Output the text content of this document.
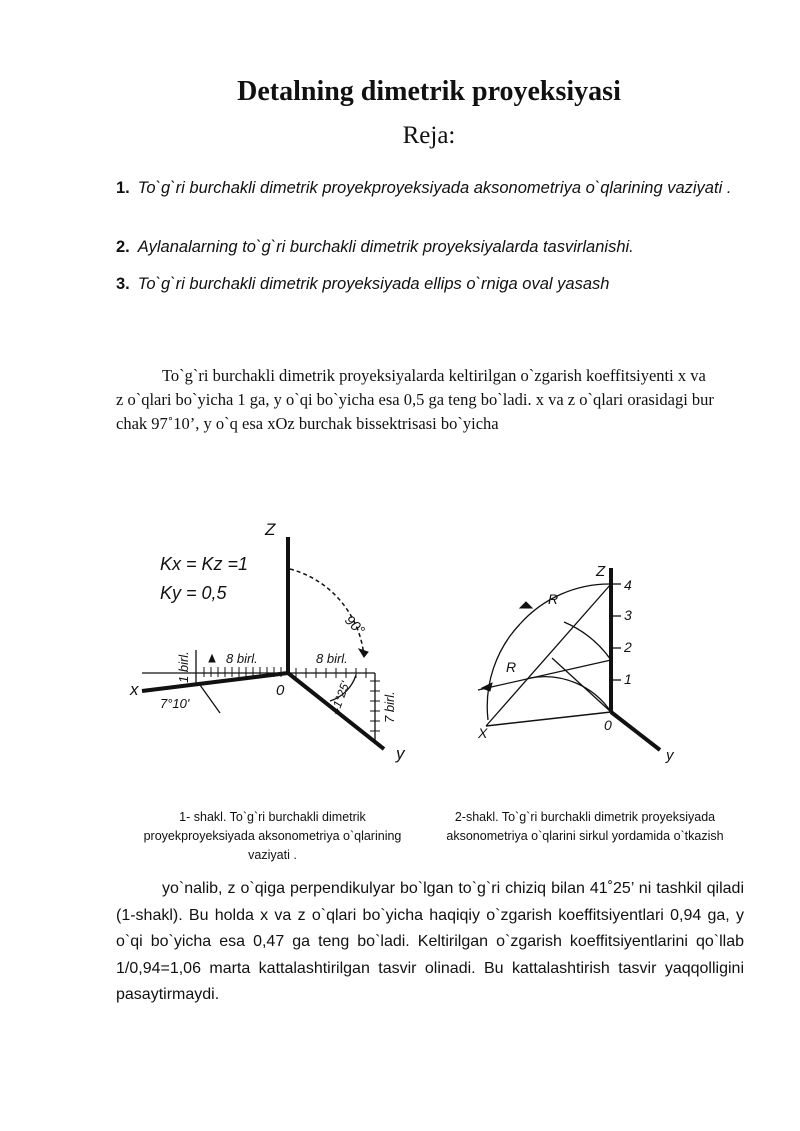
Detalning dimetrik proyeksiyasi
Reja:
1. To`g`ri burchakli dimetrik proyekproyeksiyada aksonometriya o`qlarining vaziyati .
2. Aylanalarning to`g`ri burchakli dimetrik proyeksiyalarda tasvirlanishi.
3. To`g`ri burchakli dimetrik proyeksiyada ellips o`rniga oval yasash

To`g`ri burchakli dimetrik proyeksiyalarda keltirilgan o`zgarish koeffitsiyenti x va z o`qlari bo`yicha 1 ga, y o`qi bo`yicha esa 0,5 ga teng bo`ladi. x va z o`qlari orasidagi bur chak 97˚10’, y o`q esa xOz burchak bissektrisasi bo`yicha

Z
x
y
0
Kx = Kz =1
Ky = 0,5
90°
41°25'
7°10'
1 birl.	8 birl.	8 birl.
7 birl.
Z
X
y
0
1
2
3
4
R
R
1- shakl. To`g`ri burchakli dimetrik proyekproyeksiyada aksonometriya o`qlarining vaziyati .
2-shakl. To`g`ri burchakli dimetrik proyeksiyada aksonometriya o`qlarini sirkul yordamida o`tkazish

yo`nalib, z o`qiga perpendikulyar bo`lgan to`g`ri chiziq bilan 41˚25’ ni tashkil qiladi (1-shakl). Bu holda x va z o`qlari bo`yicha haqiqiy o`zgarish koeffitsiyentlari 0,94 ga, y o`qi bo`yicha esa 0,47 ga teng bo`ladi. Keltirilgan o`zgarish koeffitsiyentlarini qo`llab 1/0,94=1,06 marta kattalashtirilgan tasvir olinadi. Bu kattalashtirish tasvir yaqqolligini pasaytirmaydi.
